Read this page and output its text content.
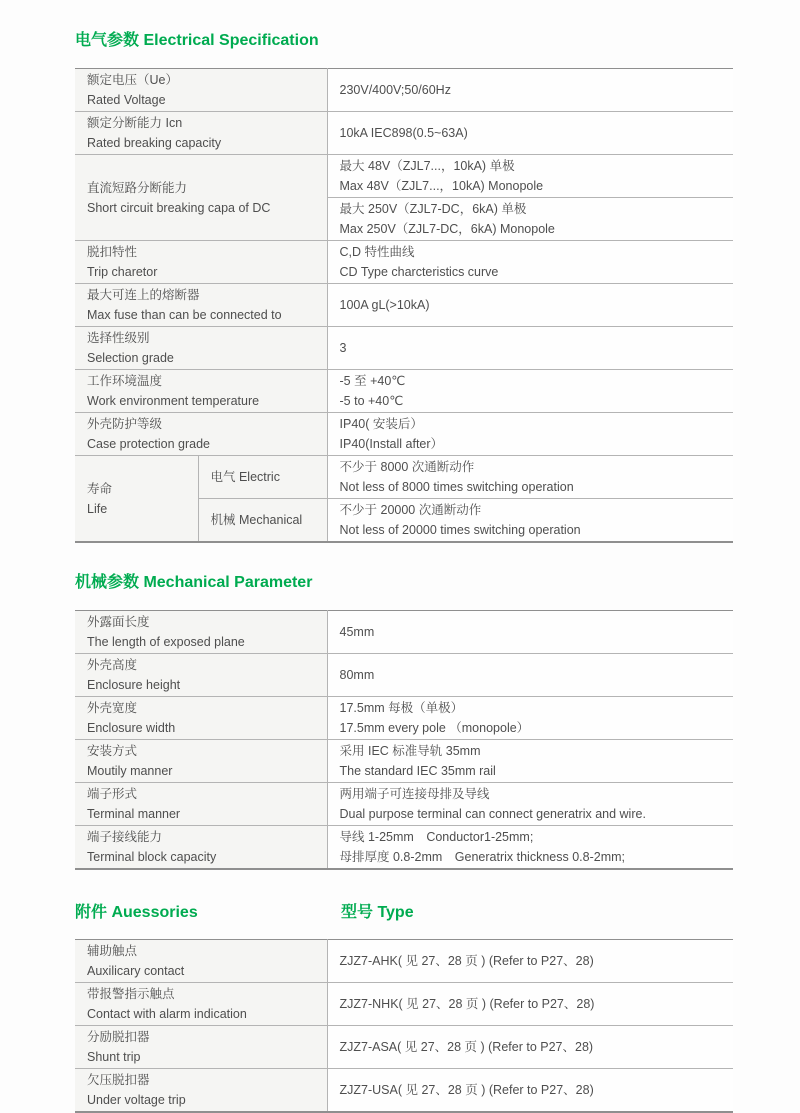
电气参数 Electrical Specification
额定电压（Ue）
Rated Voltage		230V/400V;50/60Hz

额定分断能力 Icn
Rated breaking capacity		10kA IEC898(0.5~63A)

直流短路分断能力
Short circuit breaking capa of DC		最大 48V（ZJL7...，10kA) 单极
Max 48V（ZJL7...，10kA) Monopole

		最大 250V（ZJL7-DC，6kA) 单极
Max 250V（ZJL7-DC，6kA) Monopole

脱扣特性
Trip charetor		C,D 特性曲线
CD Type charcteristics curve

最大可连上的熔断器
Max fuse than can be connected to		100A gL(>10kA)

选择性级别
Selection grade		3

工作环境温度
Work environment temperature		-5 至 +40℃
-5 to +40℃

外壳防护等级
Case protection grade		IP40( 安装后）
IP40(Install after）

寿命
Life	电气 Electric	不少于 8000 次通断动作
Not less of 8000 times switching operation

	机械 Mechanical	不少于 20000 次通断动作
Not less of 20000 times switching operation
机械参数 Mechanical Parameter
外露面长度
The length of exposed plane	45mm

外壳高度
Enclosure height	80mm

外壳宽度
Enclosure width	17.5mm 每极（单极）
17.5mm every pole （monopole）

安装方式
Moutily manner	采用 IEC 标准导轨 35mm
The standard IEC 35mm rail

端子形式
Terminal manner	两用端子可连接母排及导线
Dual purpose terminal can connect generatrix and wire.

端子接线能力
Terminal block capacity	导线 1-25mm　Conductor1-25mm;
母排厚度 0.8-2mm　Generatrix thickness 0.8-2mm;
附件 Auessories	型号 Type
辅助触点
Auxilicary contact	ZJZ7-AHK( 见 27、28 页 ) (Refer to P27、28)

带报警指示触点
Contact with alarm indication	ZJZ7-NHK( 见 27、28 页 ) (Refer to P27、28)

分励脱扣器
Shunt trip	ZJZ7-ASA( 见 27、28 页 ) (Refer to P27、28)

欠压脱扣器
Under voltage trip	ZJZ7-USA( 见 27、28 页 ) (Refer to P27、28)
